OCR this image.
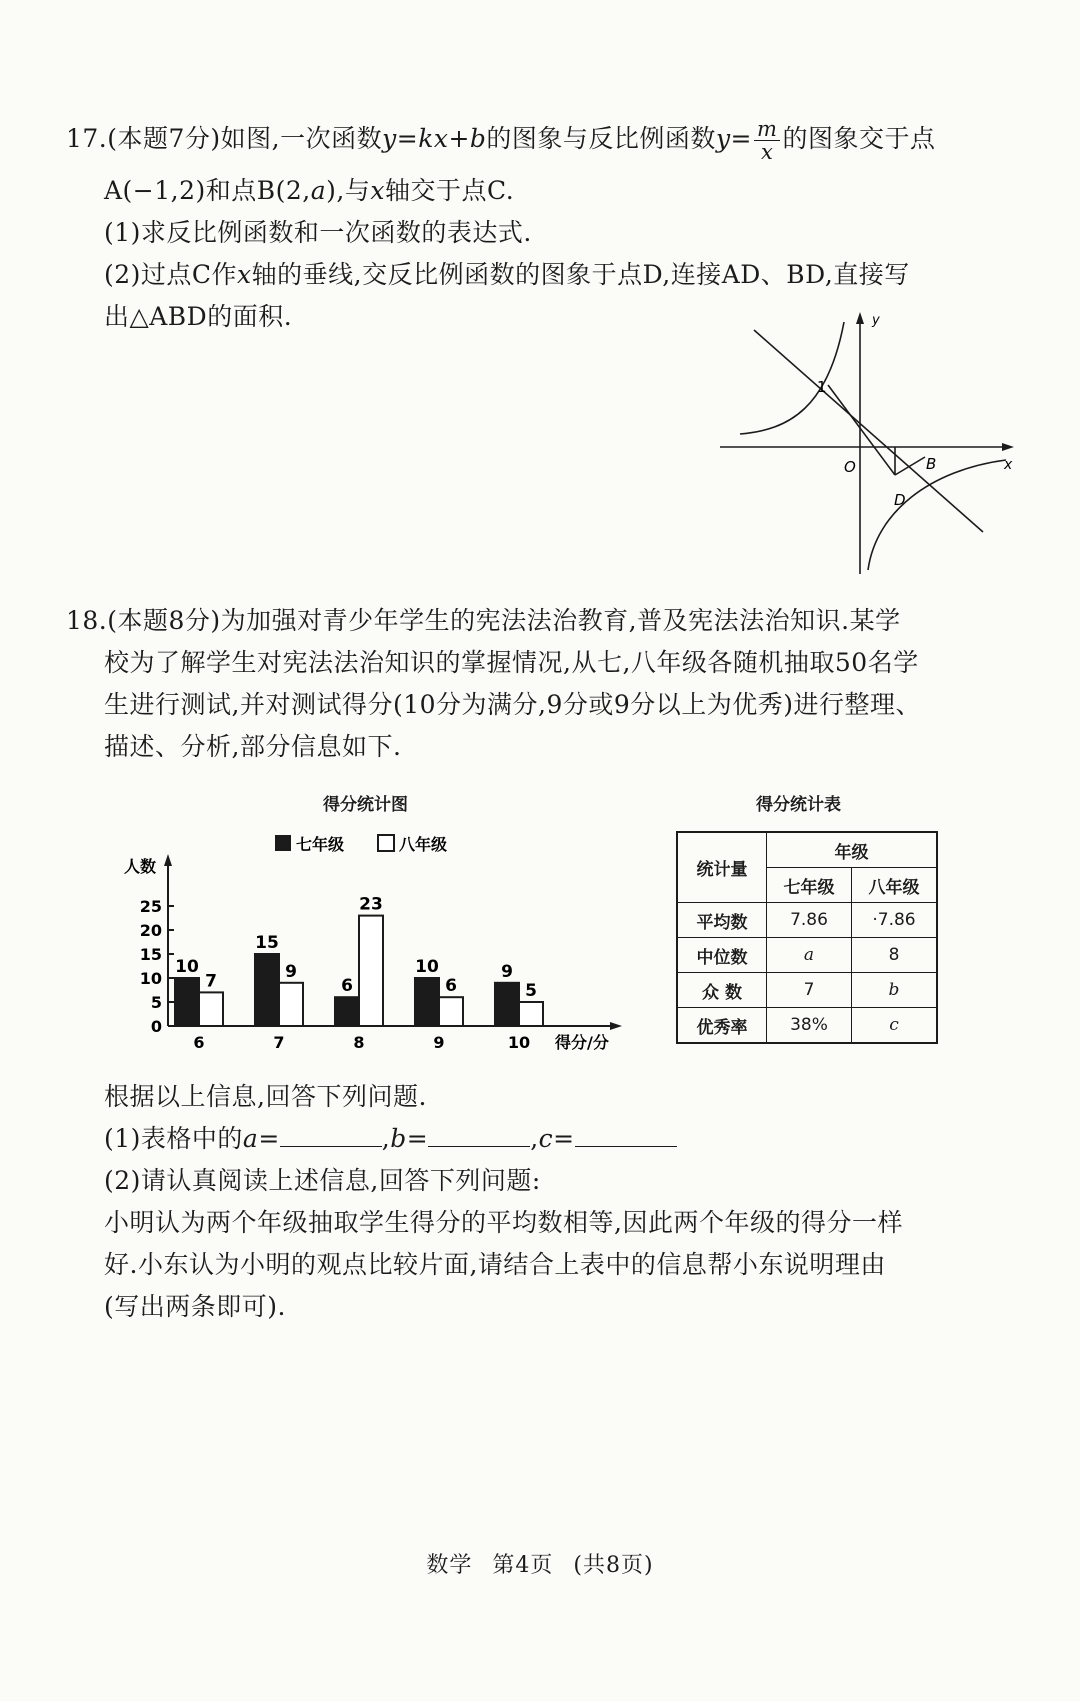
17.(本题7分)如图,一次函数y=kx+b的图象与反比例函数$y= \frac{m}{x}$ 的图象交于点
A(−1,2)和点B(2,a),与x轴交于点C.
(1)求反比例函数和一次函数的表达式.
(2)过点C作x轴的垂线,交反比例函数的图象于点D,连接AD、BD,直接写
出△ABD的面积.	y
x
O
1
B
D
18.(本题8分)为加强对青少年学生的宪法法治教育,普及宪法法治知识.某学
校为了解学生对宪法法治知识的掌握情况,从七,八年级各随机抽取50名学
生进行测试,并对测试得分(10分为满分,9分或9分以上为优秀)进行整理、
描述、分析,部分信息如下.
得分统计图
七年级	八年级
人数
得分/分
0
5
10
15
20
25
10
7
6
15
9
7
6
23
8
10
6
9
9
5
10
得分统计表
统计量	年级	
	七年级	八年级
平均数	7.86	·7.86
中位数	a	8
众 数	7	b
优秀率	38%	c
根据以上信息,回答下列问题.
(1)表格中的a=	,b=	,c=
(2)请认真阅读上述信息,回答下列问题:
小明认为两个年级抽取学生得分的平均数相等,因此两个年级的得分一样
好.小东认为小明的观点比较片面,请结合上表中的信息帮小东说明理由
(写出两条即可).
数学 第4页 (共8页)
